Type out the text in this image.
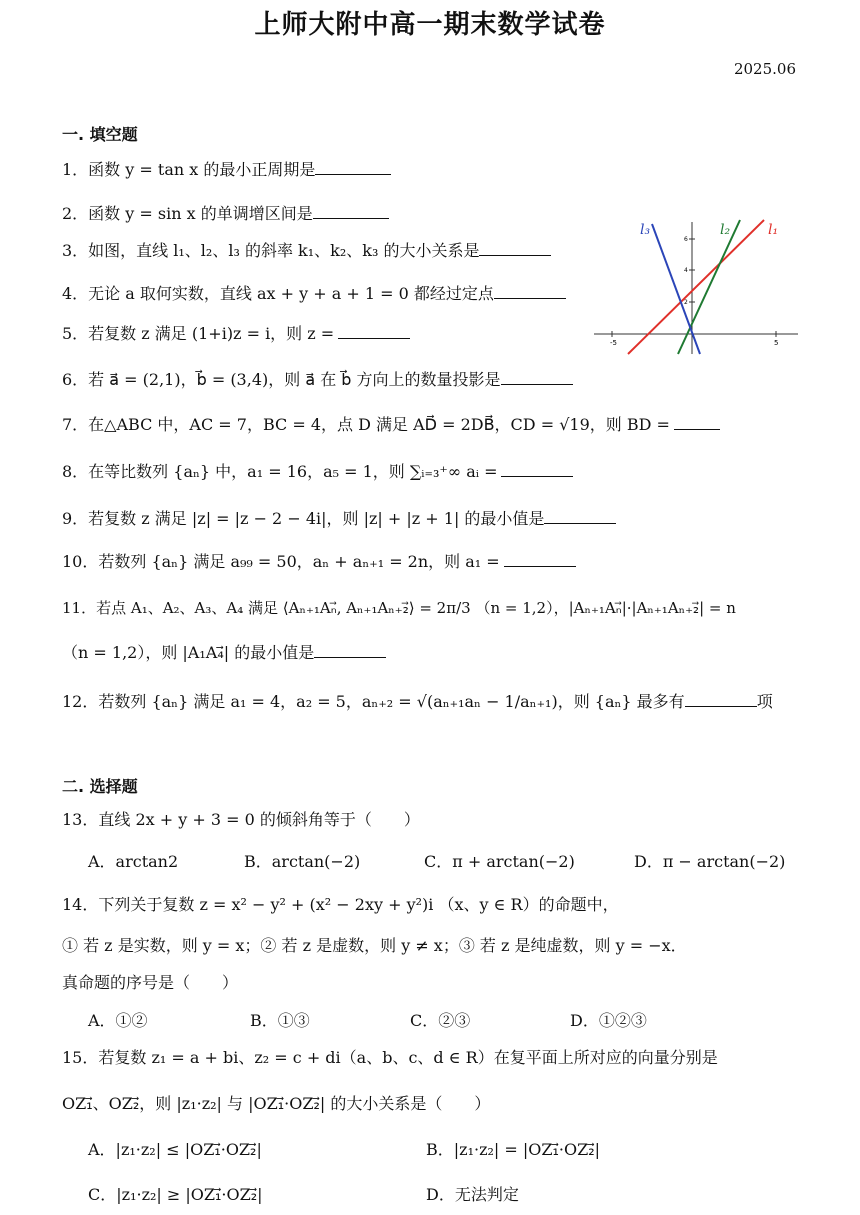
上师大附中高一期末数学试卷
2025.06
一. 填空题
1．函数 y = tan x 的最小正周期是
2．函数 y = sin x 的单调增区间是
3．如图，直线 l₁、l₂、l₃ 的斜率 k₁、k₂、k₃ 的大小关系是
4．无论 a 取何实数，直线 ax + y + a + 1 = 0 都经过定点
5．若复数 z 满足 (1+i)z = i，则 z =
6．若 a⃗ = (2,1)，b⃗ = (3,4)，则 a⃗ 在 b⃗ 方向上的数量投影是
7．在△ABC 中，AC = 7，BC = 4，点 D 满足 AD⃗ = 2DB⃗，CD = √19，则 BD =
8．在等比数列 {aₙ} 中，a₁ = 16，a₅ = 1，则 ∑ᵢ₌₃⁺∞ aᵢ =
9．若复数 z 满足 |z| = |z − 2 − 4i|，则 |z| + |z + 1| 的最小值是
10．若数列 {aₙ} 满足 a₉₉ = 50，aₙ + aₙ₊₁ = 2n，则 a₁ =
11．若点 A₁、A₂、A₃、A₄ 满足 ⟨Aₙ₊₁Aₙ⃗, Aₙ₊₁Aₙ₊₂⃗⟩ = 2π/3 （n = 1,2），|Aₙ₊₁Aₙ⃗|·|Aₙ₊₁Aₙ₊₂⃗| = n
（n = 1,2），则 |A₁A₄⃗| 的最小值是
12．若数列 {aₙ} 满足 a₁ = 4，a₂ = 5，aₙ₊₂ = √(aₙ₊₁aₙ − 1/aₙ₊₁)，则 {aₙ} 最多有	项
二. 选择题
13．直线 2x + y + 3 = 0 的倾斜角等于（　　）
A．arctan2	B．arctan(−2)	C．π + arctan(−2)	D．π − arctan(−2)
14．下列关于复数 z = x² − y² + (x² − 2xy + y²)i （x、y ∈ R）的命题中，
① 若 z 是实数，则 y = x；② 若 z 是虚数，则 y ≠ x；③ 若 z 是纯虚数，则 y = −x．
真命题的序号是（　　）
A．①②	B．①③	C．②③	D．①②③
15．若复数 z₁ = a + bi、z₂ = c + di（a、b、c、d ∈ R）在复平面上所对应的向量分别是
OZ₁⃗、OZ₂⃗，则 |z₁·z₂| 与 |OZ₁⃗·OZ₂⃗| 的大小关系是（　　）
A．|z₁·z₂| ≤ |OZ₁⃗·OZ₂⃗|	B．|z₁·z₂| = |OZ₁⃗·OZ₂⃗|
C．|z₁·z₂| ≥ |OZ₁⃗·OZ₂⃗|	D．无法判定
-5	5
6
4
2
l₃	l₂	l₁
